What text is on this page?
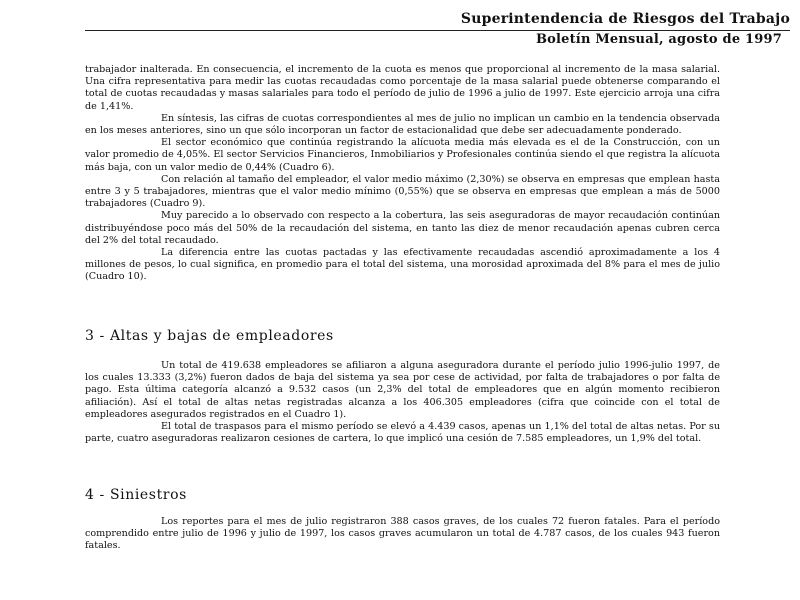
Superintendencia de Riesgos del Trabajo
Boletín Mensual, agosto de 1997

trabajador inalterada. En consecuencia, el incremento de la cuota es menos que proporcional al incremento de la masa salarial. Una cifra representativa para medir las cuotas recaudadas como porcentaje de la masa salarial puede obtenerse comparando el total de cuotas recaudadas y masas salariales para todo el período de julio de 1996 a julio de 1997. Este ejercicio arroja una cifra de 1,41%.

En síntesis, las cifras de cuotas correspondientes al mes de julio no implican un cambio en la tendencia observada en los meses anteriores, sino un que sólo incorporan un factor de estacionalidad que debe ser adecuadamente ponderado.

El sector económico que continúa registrando la alícuota media más elevada es el de la Construcción, con un valor promedio de 4,05%. El sector Servicios Financieros, Inmobiliarios y Profesionales continúa siendo el que registra la alícuota más baja, con un valor medio de 0,44% (Cuadro 6).

Con relación al tamaño del empleador, el valor medio máximo (2,30%) se observa en empresas que emplean hasta entre 3 y 5 trabajadores, mientras que el valor medio mínimo (0,55%) que se observa en empresas que emplean a más de 5000 trabajadores (Cuadro 9).

Muy parecido a lo observado con respecto a la cobertura, las seis aseguradoras de mayor recaudación continúan distribuyéndose poco más del 50% de la recaudación del sistema, en tanto las diez de menor recaudación apenas cubren cerca del 2% del total recaudado.

La diferencia entre las cuotas pactadas y las efectivamente recaudadas ascendió aproximadamente a los 4 millones de pesos, lo cual significa, en promedio para el total del sistema, una morosidad aproximada del 8% para el mes de julio (Cuadro 10).

3 - Altas y bajas de empleadores

Un total de 419.638 empleadores se afiliaron a alguna aseguradora durante el período julio 1996-julio 1997, de los cuales 13.333 (3,2%) fueron dados de baja del sistema ya sea por cese de actividad, por falta de trabajadores o por falta de pago. Esta última categoría alcanzó a 9.532 casos (un 2,3% del total de empleadores que en algún momento recibieron afiliación). Así el total de altas netas registradas alcanza a los 406.305 empleadores (cifra que coincide con el total de empleadores asegurados registrados en el Cuadro 1).

El total de traspasos para el mismo período se elevó a 4.439 casos, apenas un 1,1% del total de altas netas. Por su parte, cuatro aseguradoras realizaron cesiones de cartera, lo que implicó una cesión de 7.585 empleadores, un 1,9% del total.

4 - Siniestros

Los reportes para el mes de julio registraron 388 casos graves, de los cuales 72 fueron fatales. Para el período comprendido entre julio de 1996 y julio de 1997, los casos graves acumularon un total de 4.787 casos, de los cuales 943 fueron fatales.
